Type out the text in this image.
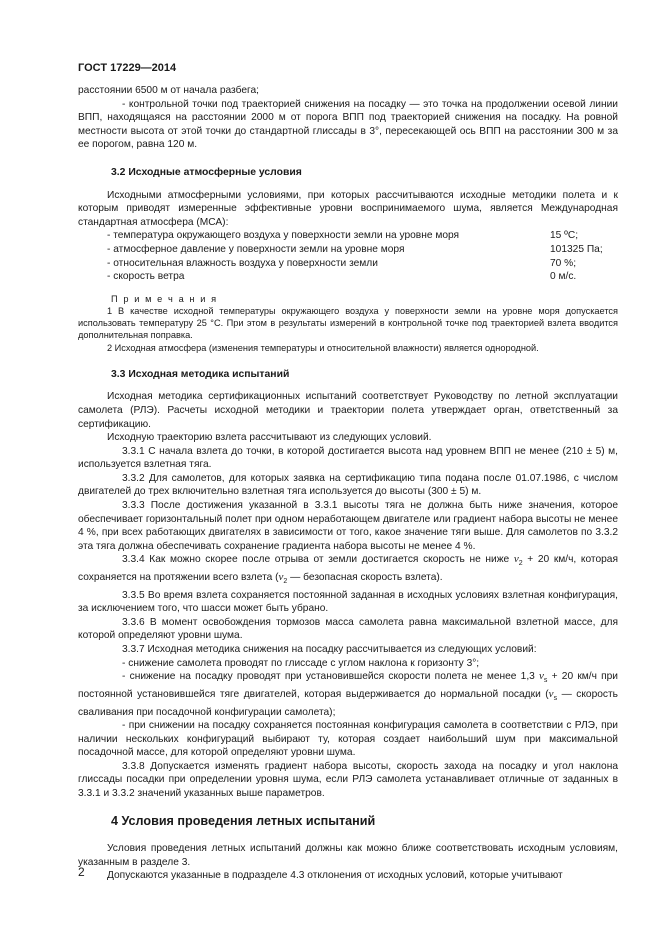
ГОСТ 17229—2014

расстоянии 6500 м от начала разбега;

- контрольной точки под траекторией снижения на посадку — это точка на продолжении осевой линии ВПП, находящаяся на расстоянии 2000 м от порога ВПП под траекторией снижения на посадку. На ровной местности высота от этой точки до стандартной глиссады в 3°, пересекающей ось ВПП на расстоянии 300 м за ее порогом, равна 120 м.

3.2 Исходные атмосферные условия

Исходными атмосферными условиями, при которых рассчитываются исходные методики полета и к которым приводят измеренные эффективные уровни воспринимаемого шума, является Международная стандартная атмосфера (МСА):

- температура окружающего воздуха у поверхности земли на уровне моря	15 ºС;
- атмосферное давление у поверхности земли на уровне моря	101325 Па;
- относительная влажность воздуха у поверхности земли	70 %;
- скорость ветра	0 м/с.

П р и м е ч а н и я

1 В качестве исходной температуры окружающего воздуха у поверхности земли на уровне моря допускается использовать температуру 25 °С. При этом в результаты измерений в контрольной точке под траекторией взлета вводится дополнительная поправка.

2 Исходная атмосфера (изменения температуры и относительной влажности) является однородной.

3.3 Исходная методика испытаний

Исходная методика сертификационных испытаний соответствует Руководству по летной эксплуатации самолета (РЛЭ). Расчеты исходной методики и траектории полета утверждает орган, ответственный за сертификацию.

Исходную траекторию взлета рассчитывают из следующих условий.

3.3.1 С начала взлета до точки, в которой достигается высота над уровнем ВПП не менее (210 ± 5) м, используется взлетная тяга.

3.3.2 Для самолетов, для которых заявка на сертификацию типа подана после 01.07.1986, с числом двигателей до трех включительно взлетная тяга используется до высоты (300 ± 5) м.

3.3.3 После достижения указанной в 3.3.1 высоты тяга не должна быть ниже значения, которое обеспечивает горизонтальный полет при одном неработающем двигателе или градиент набора высоты не менее 4 %, при всех работающих двигателях в зависимости от того, какое значение тяги выше. Для самолетов по 3.3.2 эта тяга должна обеспечивать сохранение градиента набора высоты не менее 4 %.

3.3.4 Как можно скорее после отрыва от земли достигается скорость не ниже $v_2 + 20$ км/ч, которая сохраняется на протяжении всего взлета ($v_2$ — безопасная скорость взлета).

3.3.5 Во время взлета сохраняется постоянной заданная в исходных условиях взлетная конфигурация, за исключением того, что шасси может быть убрано.

3.3.6 В момент освобождения тормозов масса самолета равна максимальной взлетной массе, для которой определяют уровни шума.

3.3.7 Исходная методика снижения на посадку рассчитывается из следующих условий:

- снижение самолета проводят по глиссаде с углом наклона к горизонту 3°;

- снижение на посадку проводят при установившейся скорости полета не менее 1,3 $v_s + 20$ км/ч при постоянной установившейся тяге двигателей, которая выдерживается до нормальной посадки ($v_s$ — скорость сваливания при посадочной конфигурации самолета);

- при снижении на посадку сохраняется постоянная конфигурация самолета в соответствии с РЛЭ, при наличии нескольких конфигураций выбирают ту, которая создает наибольший шум при максимальной посадочной массе, для которой определяют уровни шума.

3.3.8 Допускается изменять градиент набора высоты, скорость захода на посадку и угол наклона глиссады посадки при определении уровня шума, если РЛЭ самолета устанавливает отличные от заданных в 3.3.1 и 3.3.2 значений указанных выше параметров.

4 Условия проведения летных испытаний

Условия проведения летных испытаний должны как можно ближе соответствовать исходным условиям, указанным в разделе 3.

Допускаются указанные в подразделе 4.3 отклонения от исходных условий, которые учитывают

2
